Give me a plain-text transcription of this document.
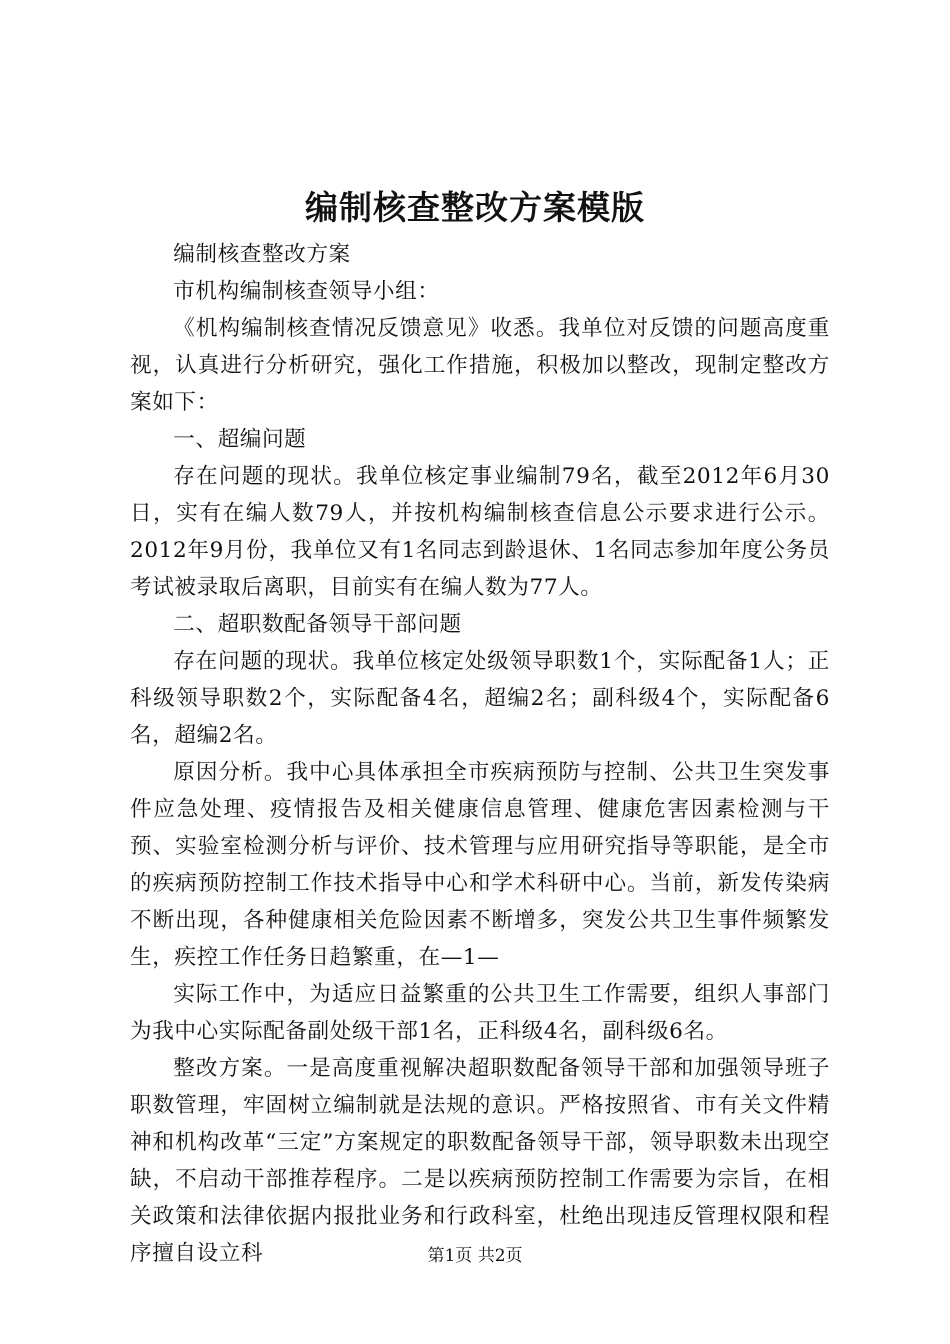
编制核查整改方案模版

编制核查整改方案

市机构编制核查领导小组：

《机构编制核查情况反馈意见》收悉。我单位对反馈的问题高度重视，认真进行分析研究，强化工作措施，积极加以整改，现制定整改方案如下：

一、超编问题

存在问题的现状。我单位核定事业编制79名，截至2012年6月30日，实有在编人数79人，并按机构编制核查信息公示要求进行公示。2012年9月份，我单位又有1名同志到龄退休、1名同志参加年度公务员考试被录取后离职，目前实有在编人数为77人。

二、超职数配备领导干部问题

存在问题的现状。我单位核定处级领导职数1个，实际配备1人；正科级领导职数2个，实际配备4名，超编2名；副科级4个，实际配备6名，超编2名。

原因分析。我中心具体承担全市疾病预防与控制、公共卫生突发事件应急处理、疫情报告及相关健康信息管理、健康危害因素检测与干预、实验室检测分析与评价、技术管理与应用研究指导等职能，是全市的疾病预防控制工作技术指导中心和学术科研中心。当前，新发传染病不断出现，各种健康相关危险因素不断增多，突发公共卫生事件频繁发生，疾控工作任务日趋繁重，在—1—

实际工作中，为适应日益繁重的公共卫生工作需要，组织人事部门为我中心实际配备副处级干部1名，正科级4名，副科级6名。

整改方案。一是高度重视解决超职数配备领导干部和加强领导班子职数管理，牢固树立编制就是法规的意识。严格按照省、市有关文件精神和机构改革“三定”方案规定的职数配备领导干部，领导职数未出现空缺，不启动干部推荐程序。二是以疾病预防控制工作需要为宗旨，在相关政策和法律依据内报批业务和行政科室，杜绝出现违反管理权限和程序擅自设立科	第1页 共2页
